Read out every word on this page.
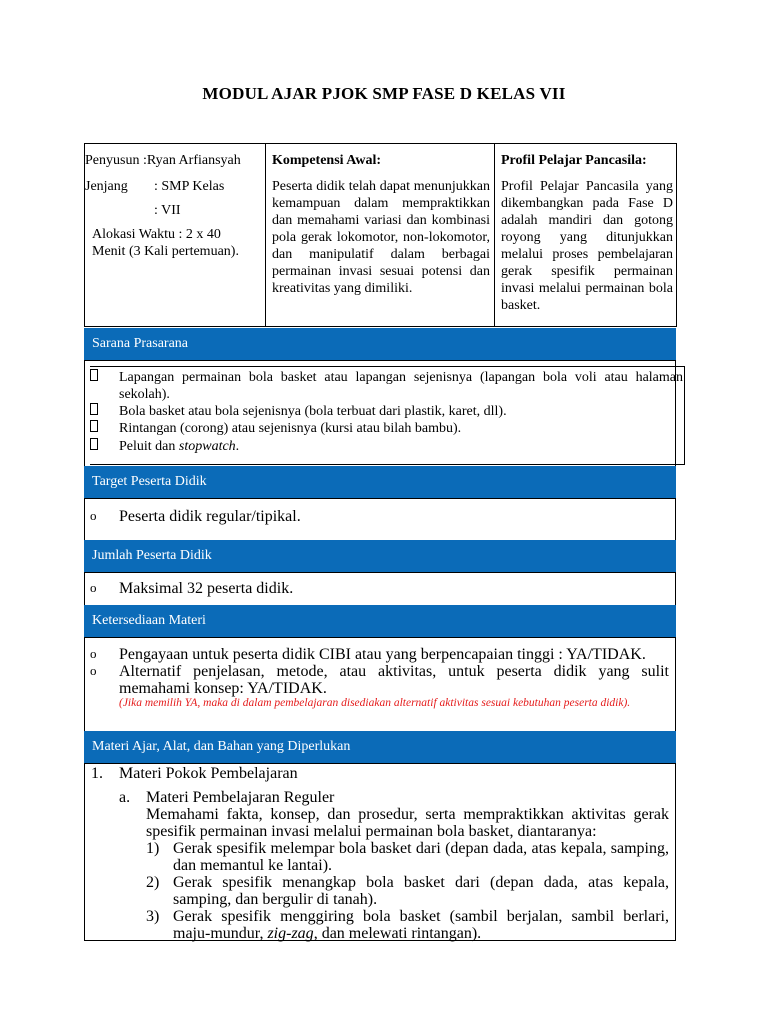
MODUL AJAR PJOK SMP FASE D KELAS VII
Penyusun :Ryan Arfiansyah
Jenjang : SMP Kelas
: VII
Alokasi Waktu : 2 x 40
Menit (3 Kali pertemuan).
Kompetensi Awal:
Peserta didik telah dapat menunjukkan kemampuan dalam mempraktikkan dan memahami variasi dan kombinasi pola gerak lokomotor, non-lokomotor, dan manipulatif dalam berbagai permainan invasi sesuai potensi dan kreativitas yang dimiliki.
Profil Pelajar Pancasila:
Profil Pelajar Pancasila yang dikembangkan pada Fase D adalah mandiri dan gotong royong yang ditunjukkan melalui proses pembelajaran gerak spesifik permainan invasi melalui permainan bola basket.
Sarana Prasarana
Lapangan permainan bola basket atau lapangan sejenisnya (lapangan bola voli atau halaman sekolah).
Bola basket atau bola sejenisnya (bola terbuat dari plastik, karet, dll).
Rintangan (corong) atau sejenisnya (kursi atau bilah bambu).
Peluit dan stopwatch.
Target Peserta Didik
o	Peserta didik regular/tipikal.
Jumlah Peserta Didik
o	Maksimal 32 peserta didik.
Ketersediaan Materi
o	Pengayaan untuk peserta didik CIBI atau yang berpencapaian tinggi : YA/TIDAK.
o	Alternatif penjelasan, metode, atau aktivitas, untuk peserta didik yang sulit memahami konsep: YA/TIDAK.
(Jika memilih YA, maka di dalam pembelajaran disediakan alternatif aktivitas sesuai kebutuhan peserta didik).
Materi Ajar, Alat, dan Bahan yang Diperlukan
1. Materi Pokok Pembelajaran
a. Materi Pembelajaran Reguler
Memahami fakta, konsep, dan prosedur, serta mempraktikkan aktivitas gerak spesifik permainan invasi melalui permainan bola basket, diantaranya:
1) Gerak spesifik melempar bola basket dari (depan dada, atas kepala, samping, dan memantul ke lantai).
2) Gerak spesifik menangkap bola basket dari (depan dada, atas kepala, samping, dan bergulir di tanah).
3) Gerak spesifik menggiring bola basket (sambil berjalan, sambil berlari, maju-mundur, zig-zag, dan melewati rintangan).
